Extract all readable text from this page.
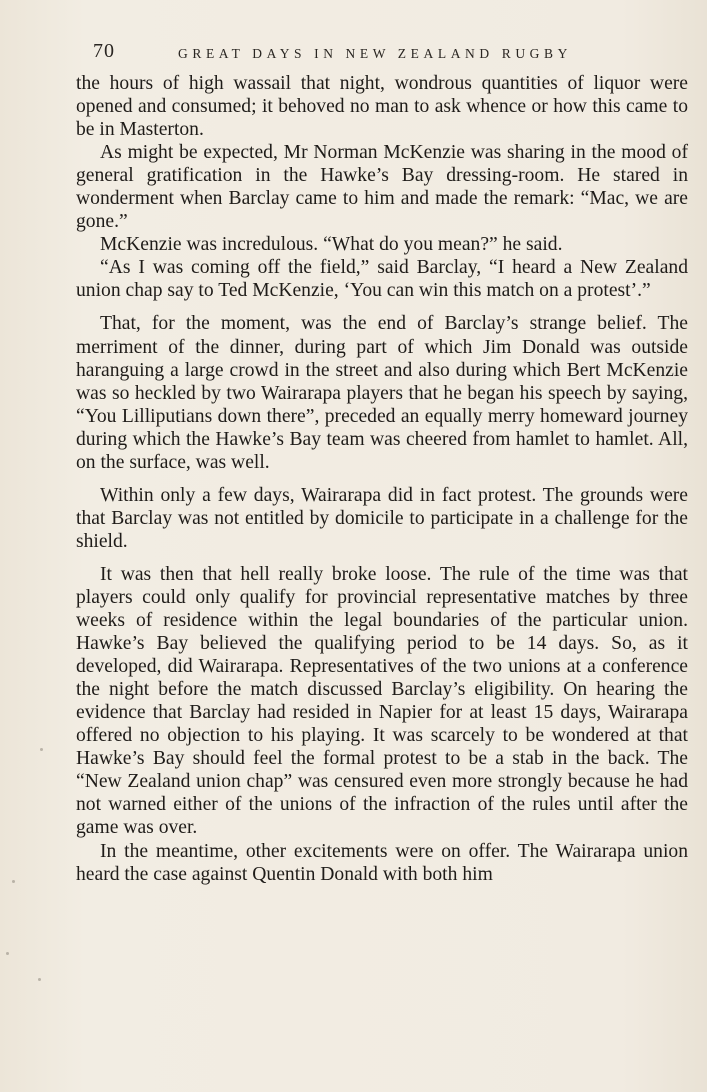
70	GREAT DAYS IN NEW ZEALAND RUGBY

the hours of high wassail that night, wondrous quantities of liquor were opened and consumed; it behoved no man to ask whence or how this came to be in Masterton.

As might be expected, Mr Norman McKenzie was sharing in the mood of general gratification in the Hawke’s Bay dressing-room. He stared in wonderment when Barclay came to him and made the remark: “Mac, we are gone.”

McKenzie was incredulous. “What do you mean?” he said.

“As I was coming off the field,” said Barclay, “I heard a New Zealand union chap say to Ted McKenzie, ‘You can win this match on a protest’.”

That, for the moment, was the end of Barclay’s strange belief. The merriment of the dinner, during part of which Jim Donald was outside haranguing a large crowd in the street and also during which Bert McKenzie was so heckled by two Wairarapa players that he began his speech by saying, “You Lilliputians down there”, preceded an equally merry homeward journey during which the Hawke’s Bay team was cheered from hamlet to hamlet. All, on the surface, was well.

Within only a few days, Wairarapa did in fact protest. The grounds were that Barclay was not entitled by domicile to participate in a challenge for the shield.

It was then that hell really broke loose. The rule of the time was that players could only qualify for provincial representative matches by three weeks of residence within the legal boundaries of the particular union. Hawke’s Bay believed the qualifying period to be 14 days. So, as it developed, did Wairarapa. Representatives of the two unions at a conference the night before the match discussed Barclay’s eligibility. On hearing the evidence that Barclay had resided in Napier for at least 15 days, Wairarapa offered no objection to his playing. It was scarcely to be wondered at that Hawke’s Bay should feel the formal protest to be a stab in the back. The “New Zealand union chap” was censured even more strongly because he had not warned either of the unions of the infraction of the rules until after the game was over.

In the meantime, other excitements were on offer. The Wairarapa union heard the case against Quentin Donald with both him
